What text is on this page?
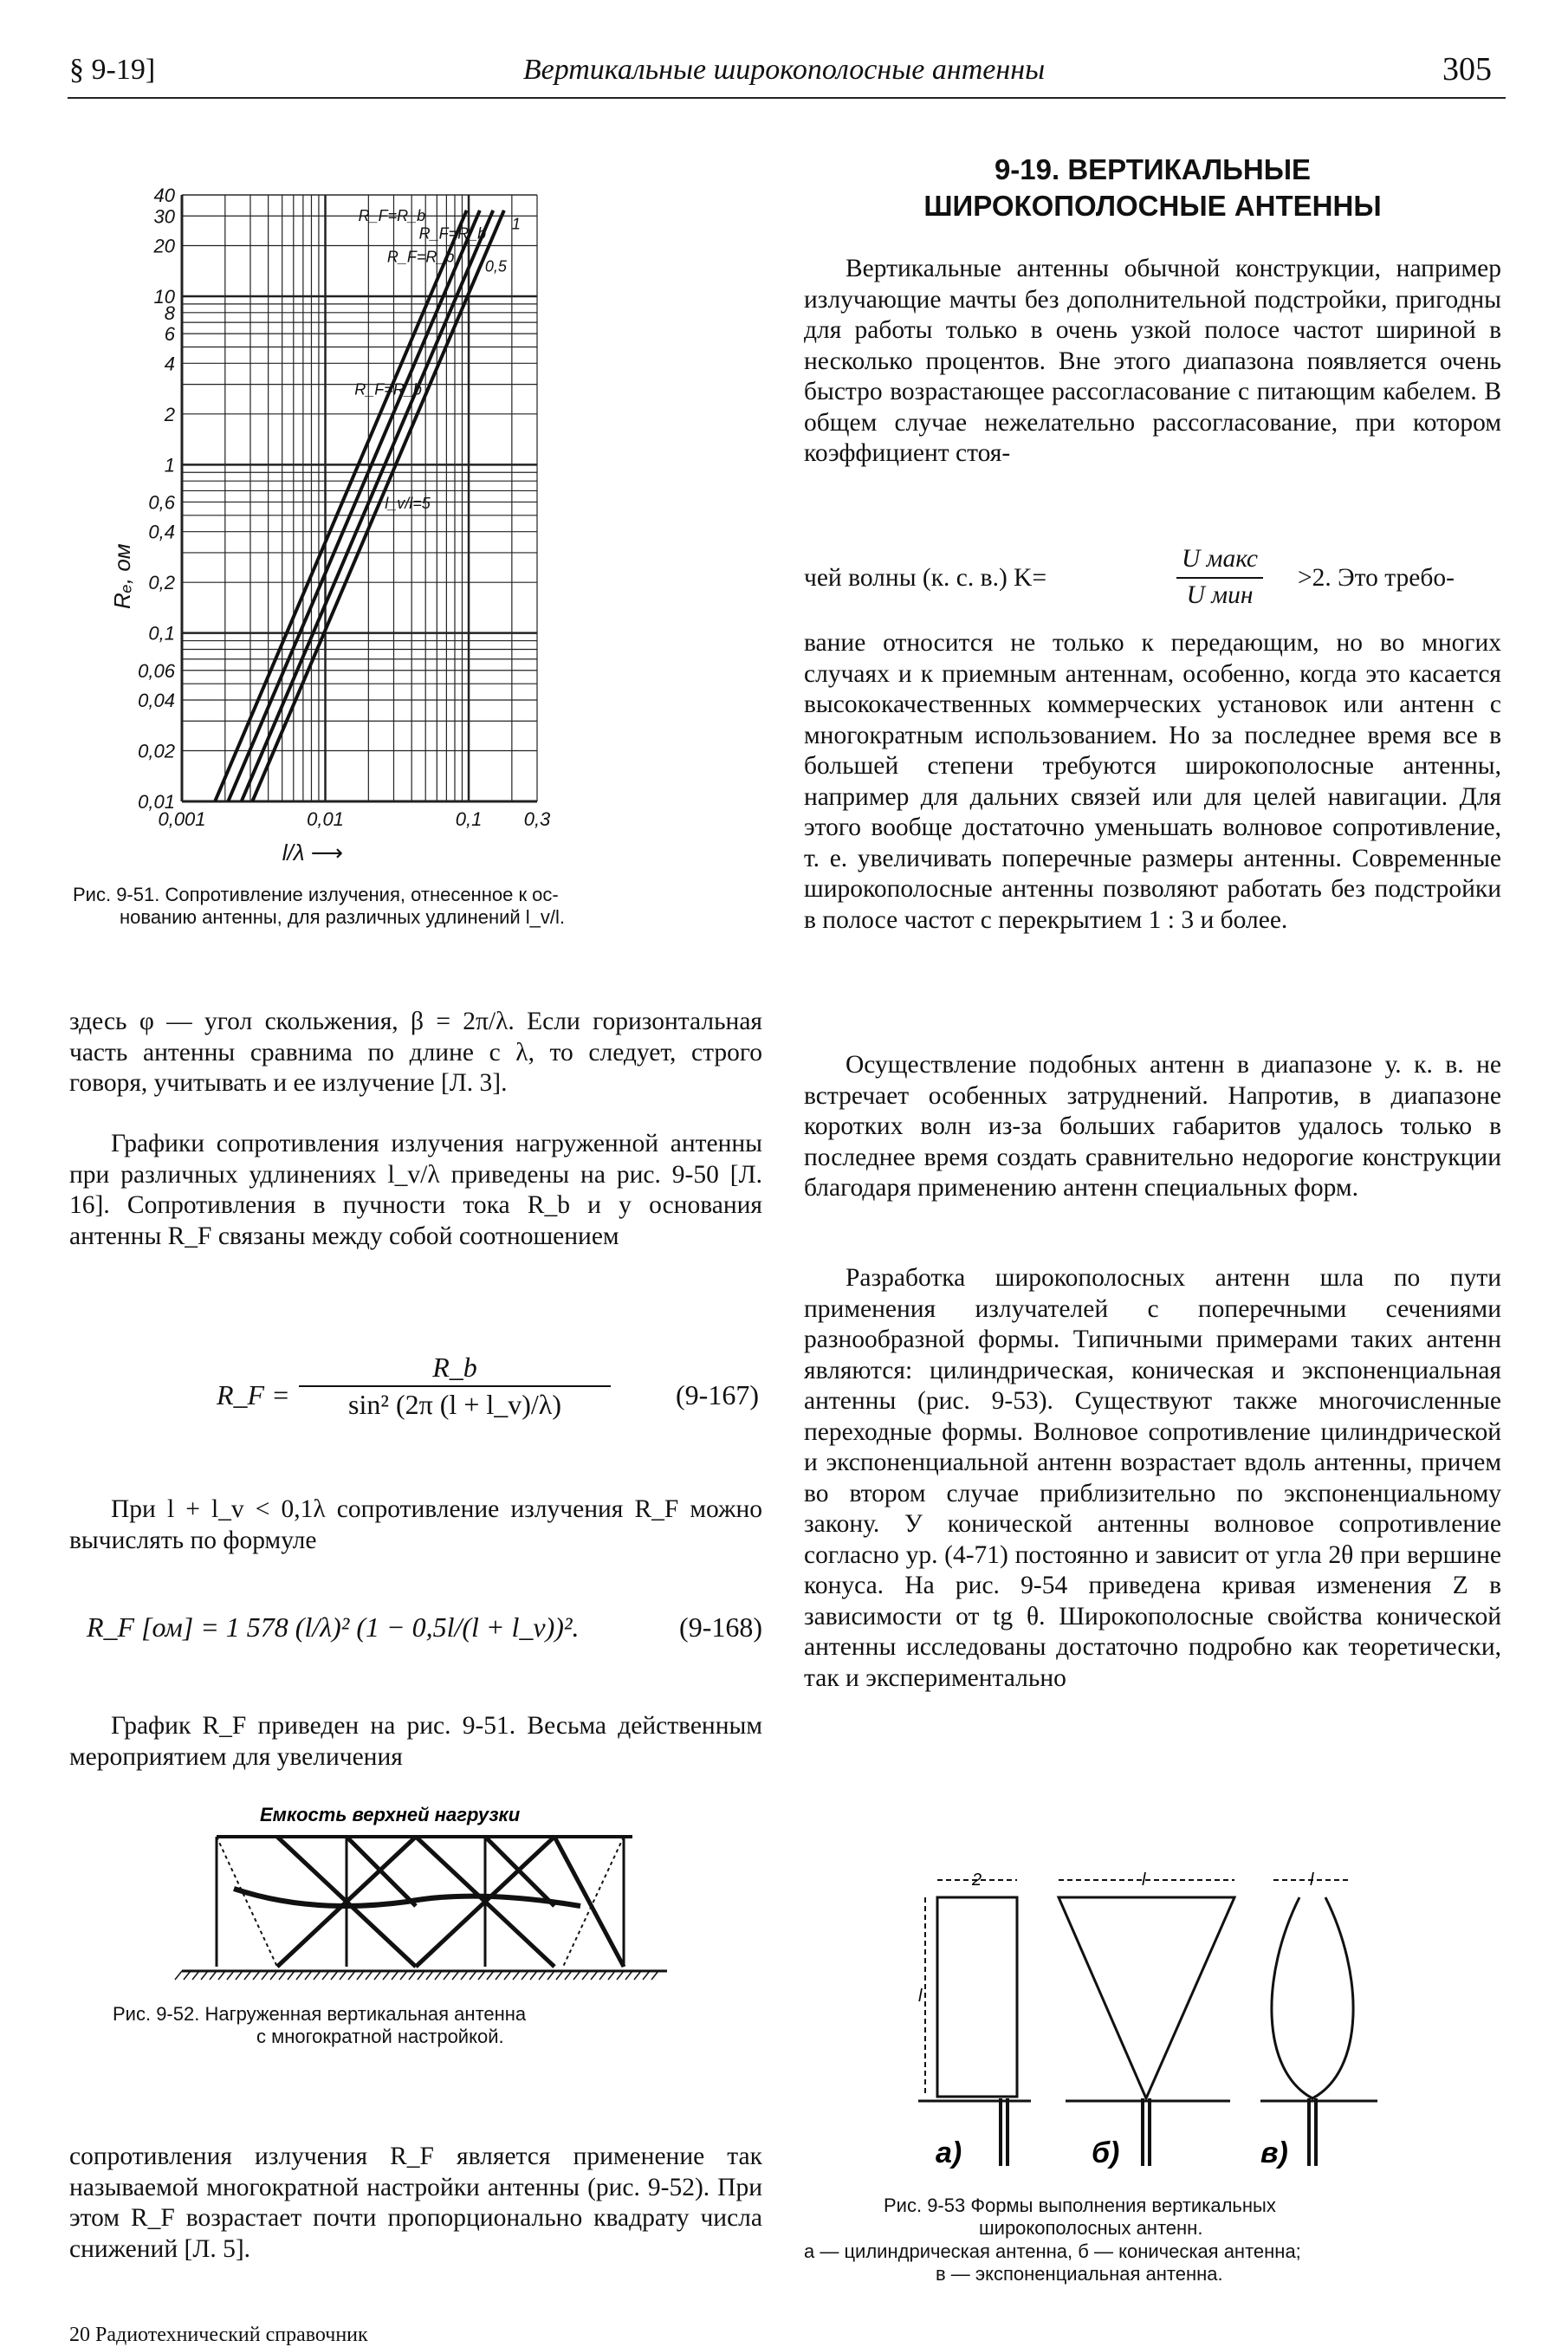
§ 9-19]	Вертикальные широкополосные антенны	305
40
30
20
10
8
6
4
2
1
0,6
0,4
0,2
0,1
0,06
0,04
0,02
0,01
0,001	0,01	0,1 0,3
Rₑ, ом
l/λ ⟶
R_F=R_b
R_F=R_b
R_F=R_b
R_F=R_b
l_v/l=5
0,5
1
Рис. 9-51. Сопротивление излучения, отнесенное к ос-
нованию антенны, для различных удлинений l_v/l.

здесь φ — угол скольжения, β = 2π/λ. Если горизонтальная часть антенны сравнима по длине с λ, то следует, строго говоря, учитывать и ее излучение [Л. 3].

Графики сопротивления излучения нагруженной антенны при различных удлинениях l_v/λ приведены на рис. 9-50 [Л. 16]. Сопротивления в пучности тока R_b и у основания антенны R_F связаны между собой соотношением

R_F = $\frac{R\_b}{\text{sin² (2π (l + l\_v)/λ)}} (9-167)$

При l + l_v < 0,1λ сопротивление излучения R_F можно вычислять по формуле

R_F [ом] = 1 578 (l/λ)² (1 − 0,5l/(l + l_v))².	(9-168)

График R_F приведен на рис. 9-51. Весьма действенным мероприятием для увеличения

Емкость верхней нагрузки
Рис. 9-52. Нагруженная вертикальная антенна
с многократной настройкой.

сопротивления излучения R_F является применение так называемой многократной настройки антенны (рис. 9-52). При этом R_F возрастает почти пропорционально квадрату числа снижений [Л. 5].

20 Радиотехнический справочник
9-19. ВЕРТИКАЛЬНЫЕ
ШИРОКОПОЛОСНЫЕ АНТЕННЫ

Вертикальные антенны обычной конструкции, например излучающие мачты без дополнительной подстройки, пригодны для работы только в очень узкой полосе частот шириной в несколько процентов. Вне этого диапазона появляется очень быстро возрастающее рассогласование с питающим кабелем. В общем случае нежелательно рассогласование, при котором коэффициент стоя-

чей волны (к. с. в.) K=
U макс
U мин
>2. Это требо-

вание относится не только к передающим, но во многих случаях и к приемным антеннам, особенно, когда это касается высококачественных коммерческих установок или антенн с многократным использованием. Но за последнее время все в большей степени требуются широкополосные антенны, например для дальних связей или для целей навигации. Для этого вообще достаточно уменьшать волновое сопротивление, т. е. увеличивать поперечные размеры антенны. Современные широкополосные антенны позволяют работать без подстройки в полосе частот с перекрытием 1 : 3 и более.

Осуществление подобных антенн в диапазоне у. к. в. не встречает особенных затруднений. Напротив, в диапазоне коротких волн из-за больших габаритов удалось только в последнее время создать сравнительно недорогие конструкции благодаря применению антенн специальных форм.

Разработка широкополосных антенн шла по пути применения излучателей с поперечными сечениями разнообразной формы. Типичными примерами таких антенн являются: цилиндрическая, коническая и экспоненциальная антенны (рис. 9-53). Существуют также многочисленные переходные формы. Волновое сопротивление цилиндрической и экспоненциальной антенн возрастает вдоль антенны, причем во втором случае приблизительно по экспоненциальному закону. У конической антенны волновое сопротивление согласно ур. (4-71) постоянно и зависит от угла 2θ при вершине конуса. На рис. 9-54 приведена кривая изменения Z в зависимости от tg θ. Широкополосные свойства конической антенны исследованы достаточно подробно как теоретически, так и экспериментально

2	l	l
l
а)	б)	в)
Рис. 9-53 Формы выполнения вертикальных
широкополосных антенн.
а — цилиндрическая антенна, б — коническая антенна;
в — экспоненциальная антенна.
